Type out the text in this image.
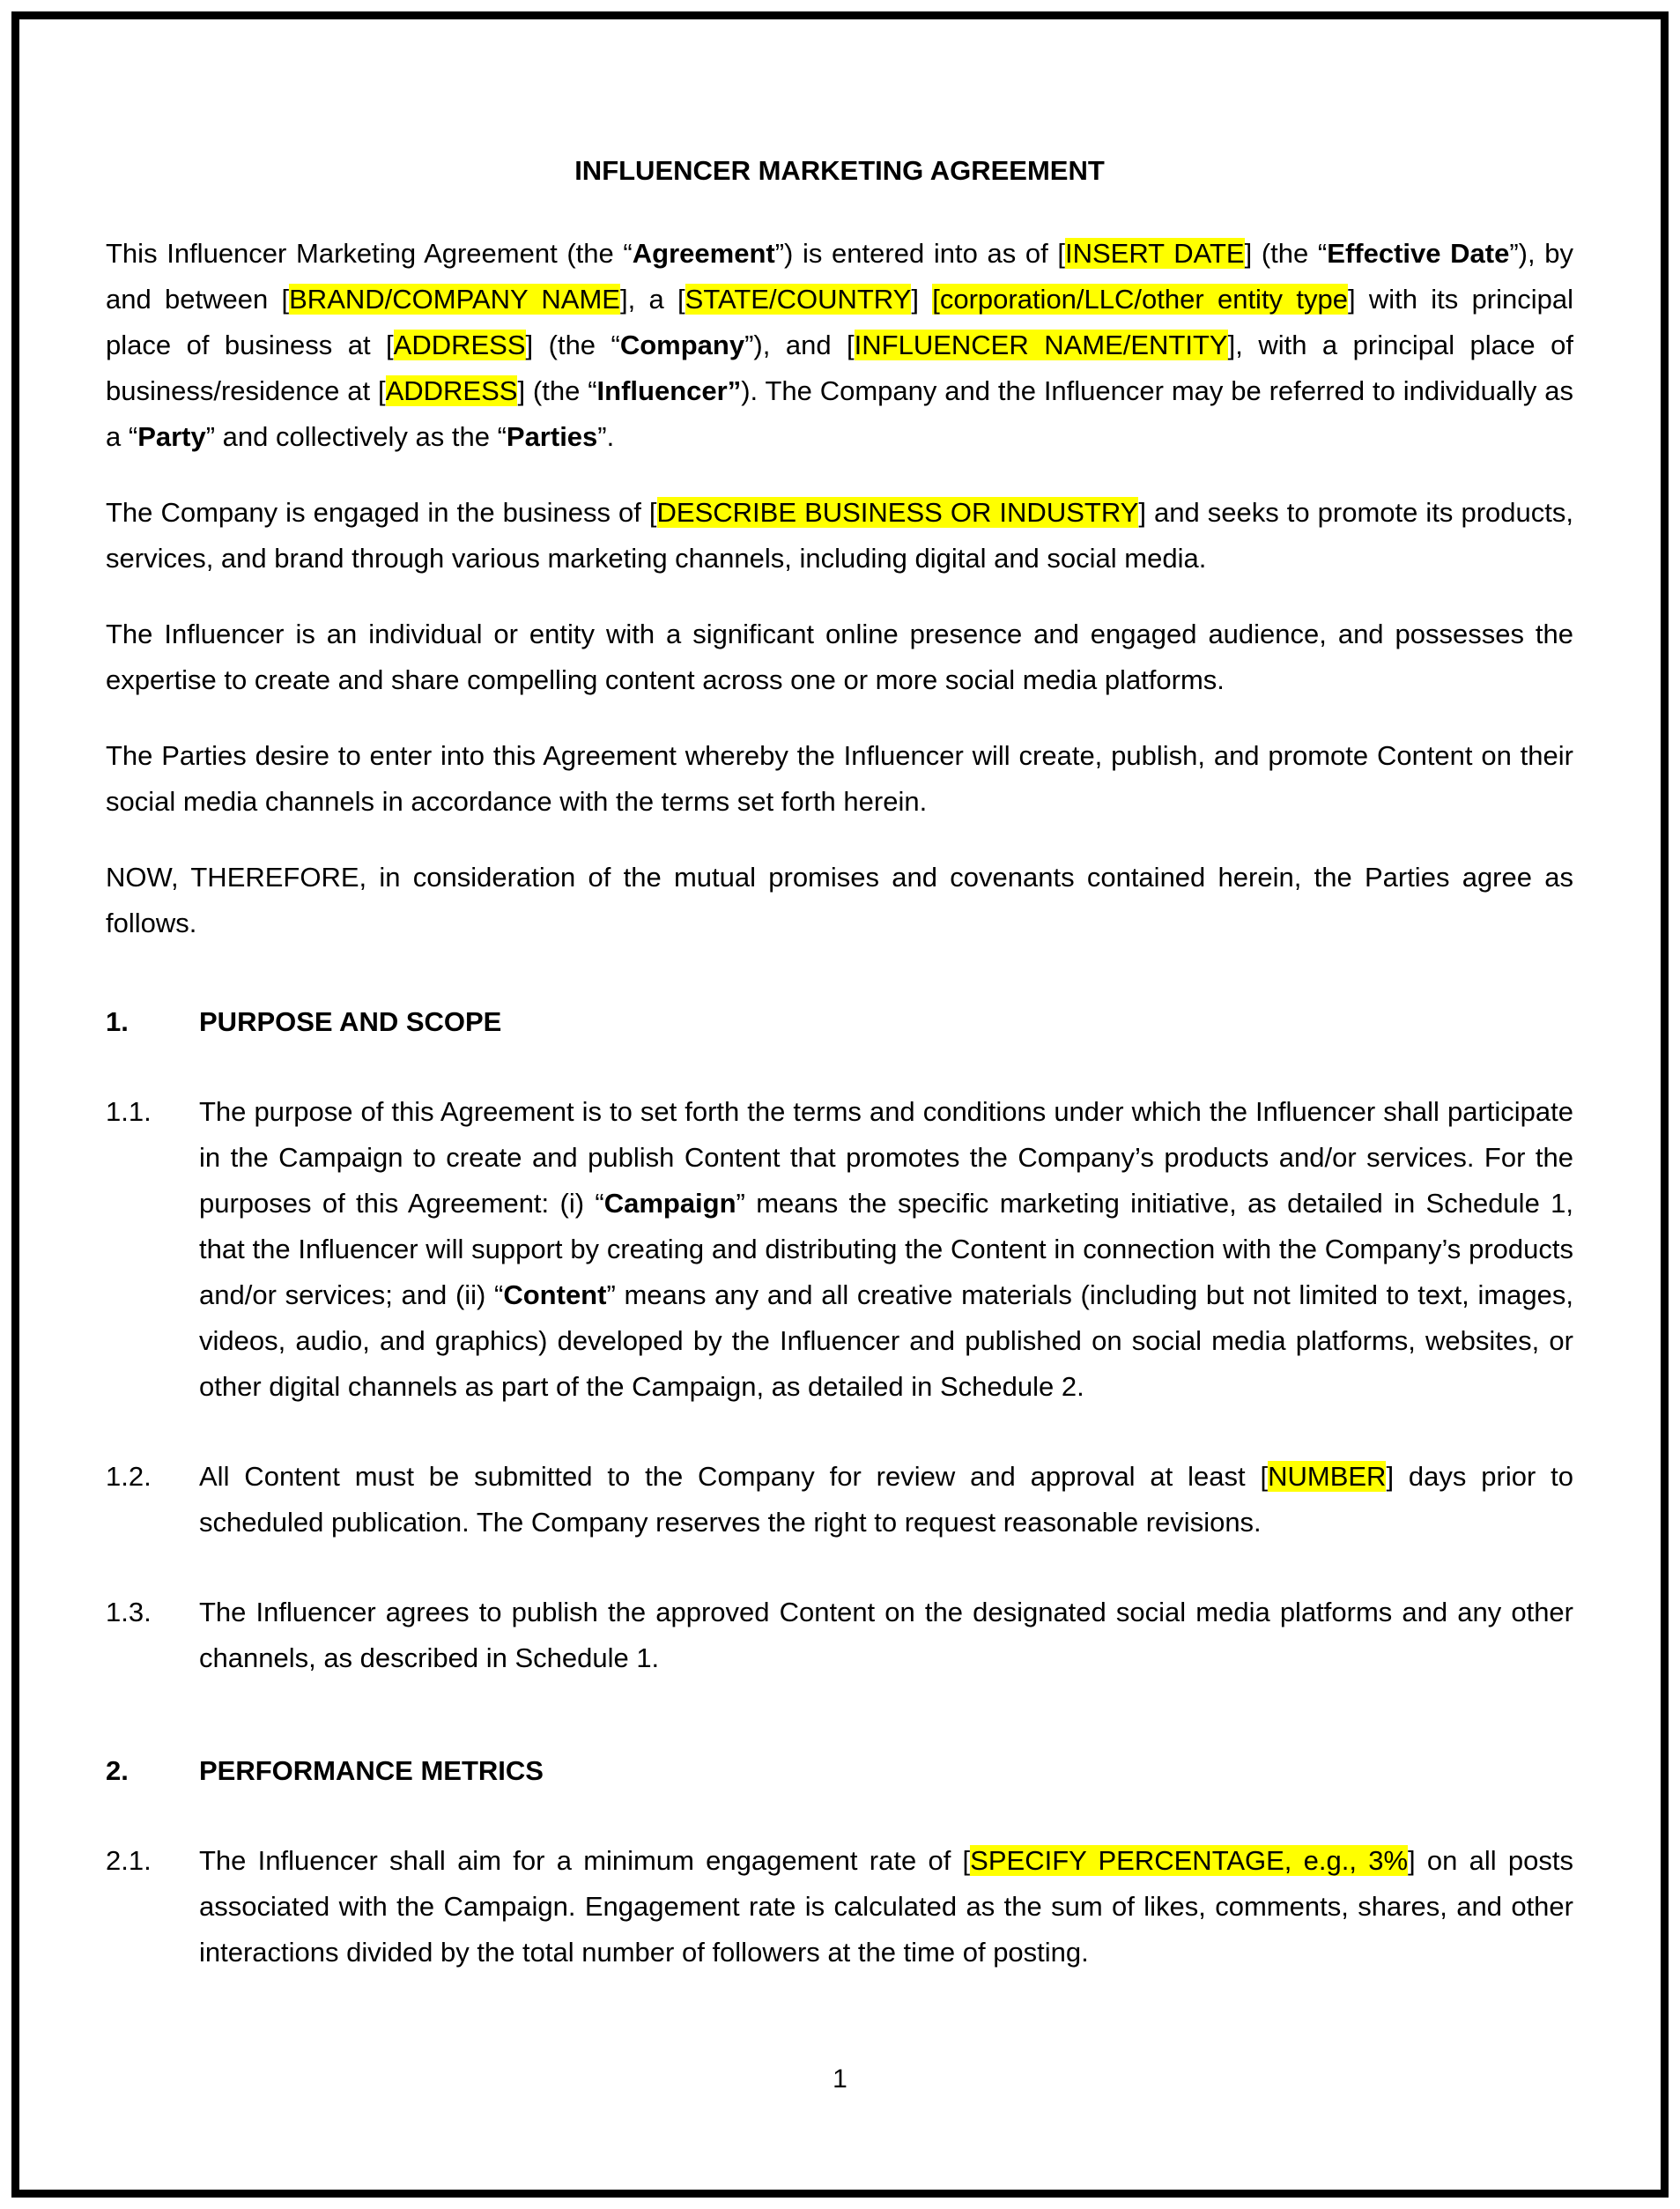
INFLUENCER MARKETING AGREEMENT
This Influencer Marketing Agreement (the “Agreement”) is entered into as of [INSERT DATE] (the “Effective Date”), by and between [BRAND/COMPANY NAME], a [STATE/COUNTRY] [corporation/LLC/other entity type] with its principal place of business at [ADDRESS] (the “Company”), and [INFLUENCER NAME/ENTITY], with a principal place of business/residence at [ADDRESS] (the “Influencer”). The Company and the Influencer may be referred to individually as a “Party” and collectively as the “Parties”.
The Company is engaged in the business of [DESCRIBE BUSINESS OR INDUSTRY] and seeks to promote its products, services, and brand through various marketing channels, including digital and social media.
The Influencer is an individual or entity with a significant online presence and engaged audience, and possesses the expertise to create and share compelling content across one or more social media platforms.
The Parties desire to enter into this Agreement whereby the Influencer will create, publish, and promote Content on their social media channels in accordance with the terms set forth herein.
NOW, THEREFORE, in consideration of the mutual promises and covenants contained herein, the Parties agree as follows.
1.	PURPOSE AND SCOPE
1.1. The purpose of this Agreement is to set forth the terms and conditions under which the Influencer shall participate in the Campaign to create and publish Content that promotes the Company’s products and/or services. For the purposes of this Agreement: (i) “Campaign” means the specific marketing initiative, as detailed in Schedule 1, that the Influencer will support by creating and distributing the Content in connection with the Company’s products and/or services; and (ii) “Content” means any and all creative materials (including but not limited to text, images, videos, audio, and graphics) developed by the Influencer and published on social media platforms, websites, or other digital channels as part of the Campaign, as detailed in Schedule 2.
1.2. All Content must be submitted to the Company for review and approval at least [NUMBER] days prior to scheduled publication. The Company reserves the right to request reasonable revisions.
1.3. The Influencer agrees to publish the approved Content on the designated social media platforms and any other channels, as described in Schedule 1.
2.	PERFORMANCE METRICS
2.1. The Influencer shall aim for a minimum engagement rate of [SPECIFY PERCENTAGE, e.g., 3%] on all posts associated with the Campaign. Engagement rate is calculated as the sum of likes, comments, shares, and other interactions divided by the total number of followers at the time of posting.
1
